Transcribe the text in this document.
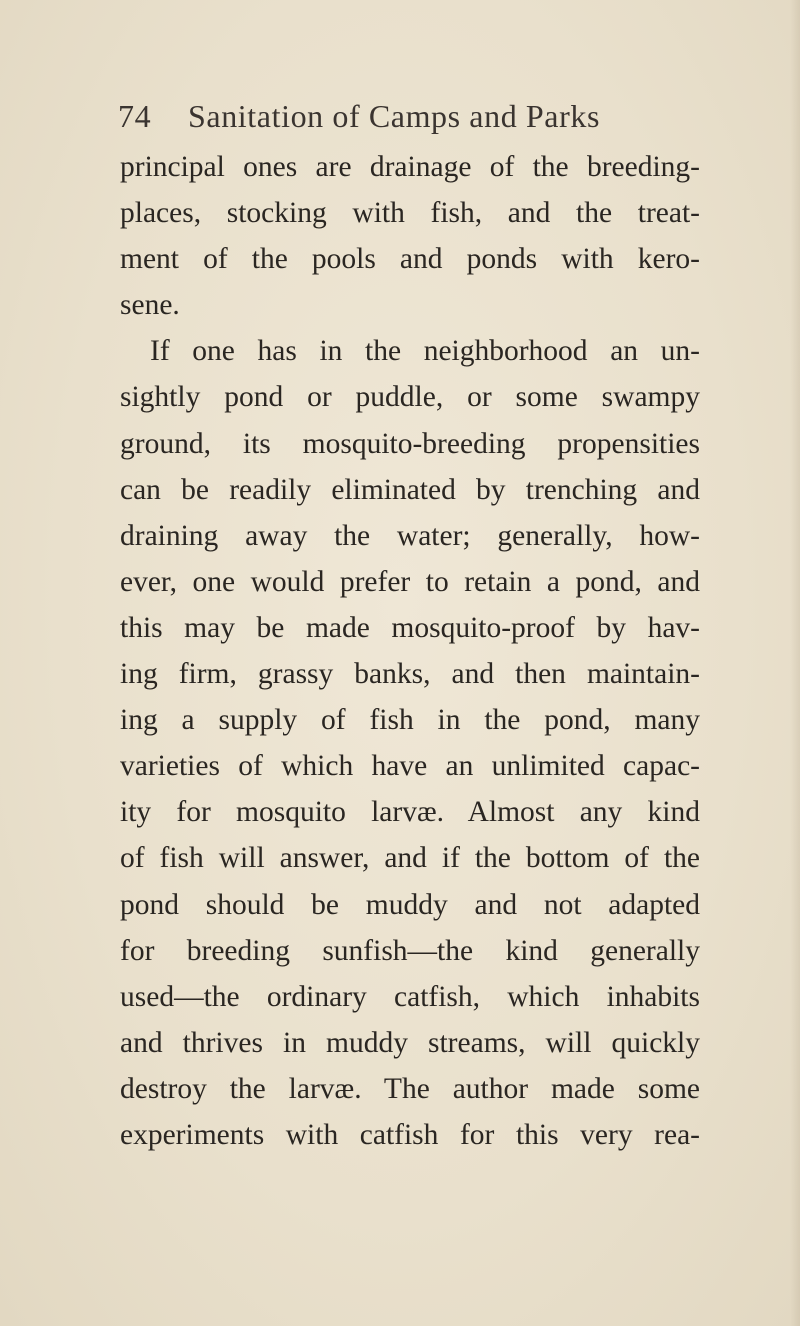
74 Sanitation of Camps and Parks
principal ones are drainage of the breeding-
places, stocking with fish, and the treat-
ment of the pools and ponds with kero-
sene.
If one has in the neighborhood an un-
sightly pond or puddle, or some swampy
ground, its mosquito-breeding propensities
can be readily eliminated by trenching and
draining away the water; generally, how-
ever, one would prefer to retain a pond, and
this may be made mosquito-proof by hav-
ing firm, grassy banks, and then maintain-
ing a supply of fish in the pond, many
varieties of which have an unlimited capac-
ity for mosquito larvæ. Almost any kind
of fish will answer, and if the bottom of the
pond should be muddy and not adapted
for breeding sunfish—the kind generally
used—the ordinary catfish, which inhabits
and thrives in muddy streams, will quickly
destroy the larvæ. The author made some
experiments with catfish for this very rea-
